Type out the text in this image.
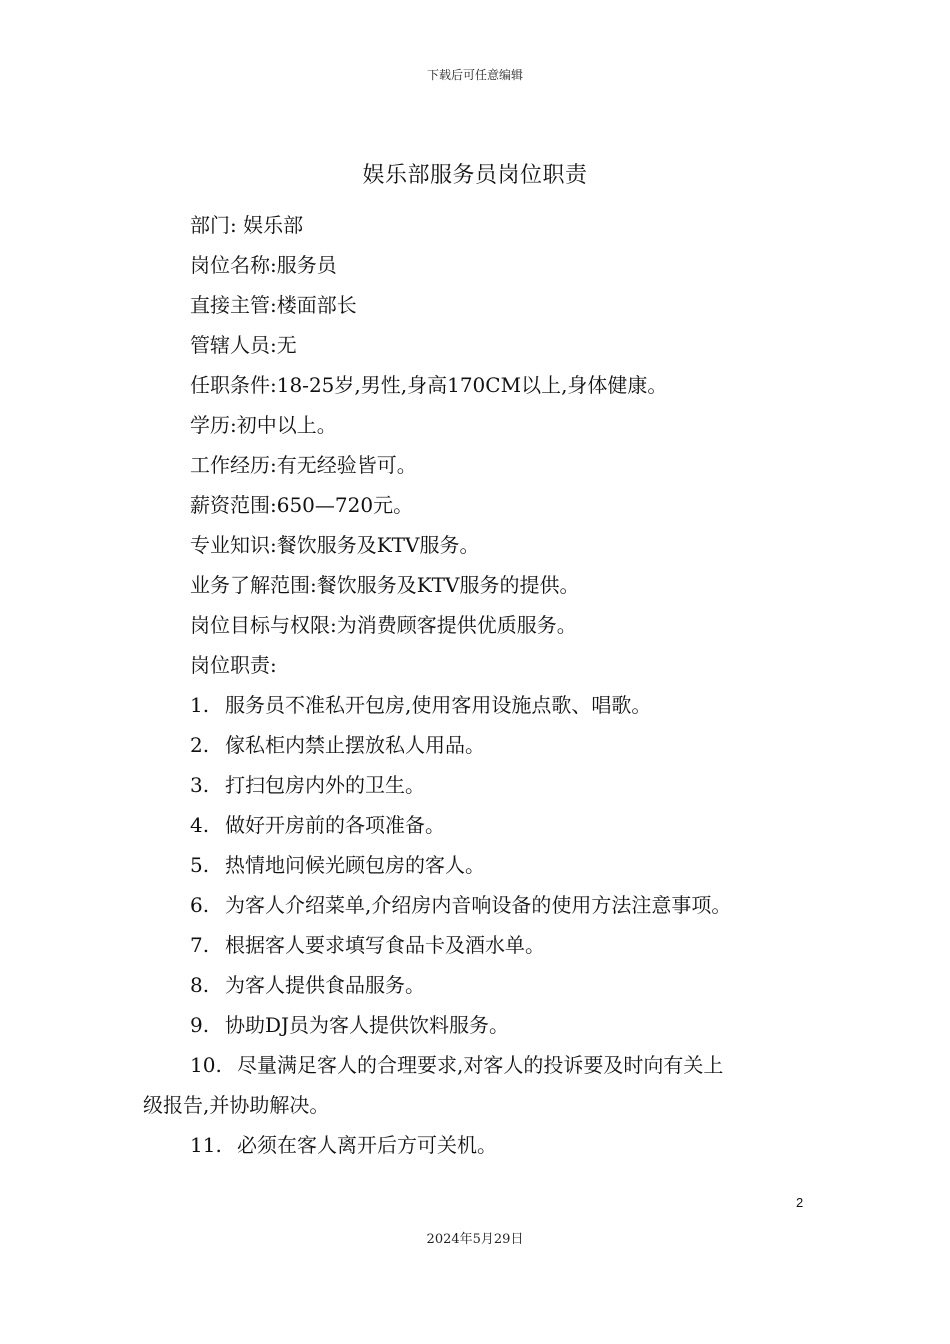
下载后可任意编辑
娱乐部服务员岗位职责
部门: 娱乐部
岗位名称:服务员
直接主管:楼面部长
管辖人员:无
任职条件:18-25岁,男性,身高170CM以上,身体健康。
学历:初中以上。
工作经历:有无经验皆可。
薪资范围:650—720元。
专业知识:餐饮服务及KTV服务。
业务了解范围:餐饮服务及KTV服务的提供。
岗位目标与权限:为消费顾客提供优质服务。
岗位职责:
1. 服务员不准私开包房,使用客用设施点歌、唱歌。
2. 傢私柜内禁止摆放私人用品。
3. 打扫包房内外的卫生。
4. 做好开房前的各项准备。
5. 热情地问候光顾包房的客人。
6. 为客人介绍菜单,介绍房内音响设备的使用方法注意事项。
7. 根据客人要求填写食品卡及酒水单。
8. 为客人提供食品服务。
9. 协助DJ员为客人提供饮料服务。
10. 尽量满足客人的合理要求,对客人的投诉要及时向有关上
级报告,并协助解决。
11. 必须在客人离开后方可关机。
2
2024年5月29日
